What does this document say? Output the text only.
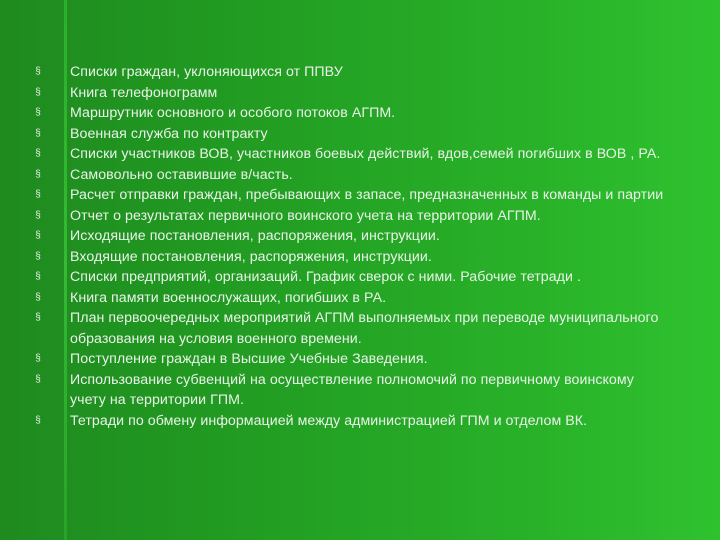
§ Списки граждан, уклоняющихся от ППВУ
§ Книга телефонограмм
§ Маршрутник основного и особого потоков АГПМ.
§ Военная служба по контракту
§ Списки участников ВОВ, участников боевых действий, вдов,семей погибших в ВОВ , РА.
§ Самовольно оставившие в/часть.
§ Расчет отправки граждан, пребывающих в запасе, предназначенных в команды и партии
§ Отчет о результатах первичного воинского учета на территории АГПМ.
§ Исходящие постановления, распоряжения, инструкции.
§ Входящие постановления, распоряжения, инструкции.
§ Списки предприятий, организаций. График сверок с ними. Рабочие тетради .
§ Книга памяти военнослужащих, погибших в РА.
§ План первоочередных мероприятий АГПМ выполняемых при переводе муниципального образования на условия военного времени.
§ Поступление граждан в Высшие Учебные Заведения.
§ Использование субвенций на осуществление полномочий по первичному воинскому учету на территории ГПМ.
§ Тетради по обмену информацией между администрацией ГПМ и отделом ВК.
